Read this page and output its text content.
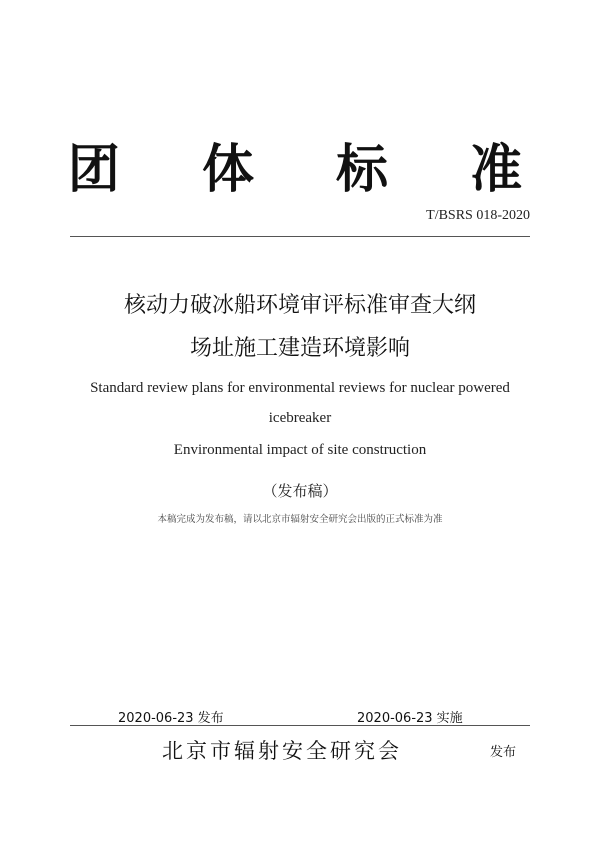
团 体 标 准
T/BSRS 018-2020
核动力破冰船环境审评标准审查大纲
场址施工建造环境影响
Standard review plans for environmental reviews for nuclear powered
icebreaker
Environmental impact of site construction
（发布稿）
本稿完成为发布稿，请以北京市辐射安全研究会出版的正式标准为准
2020-06-23 发布	2020-06-23 实施
北京市辐射安全研究会	发布
